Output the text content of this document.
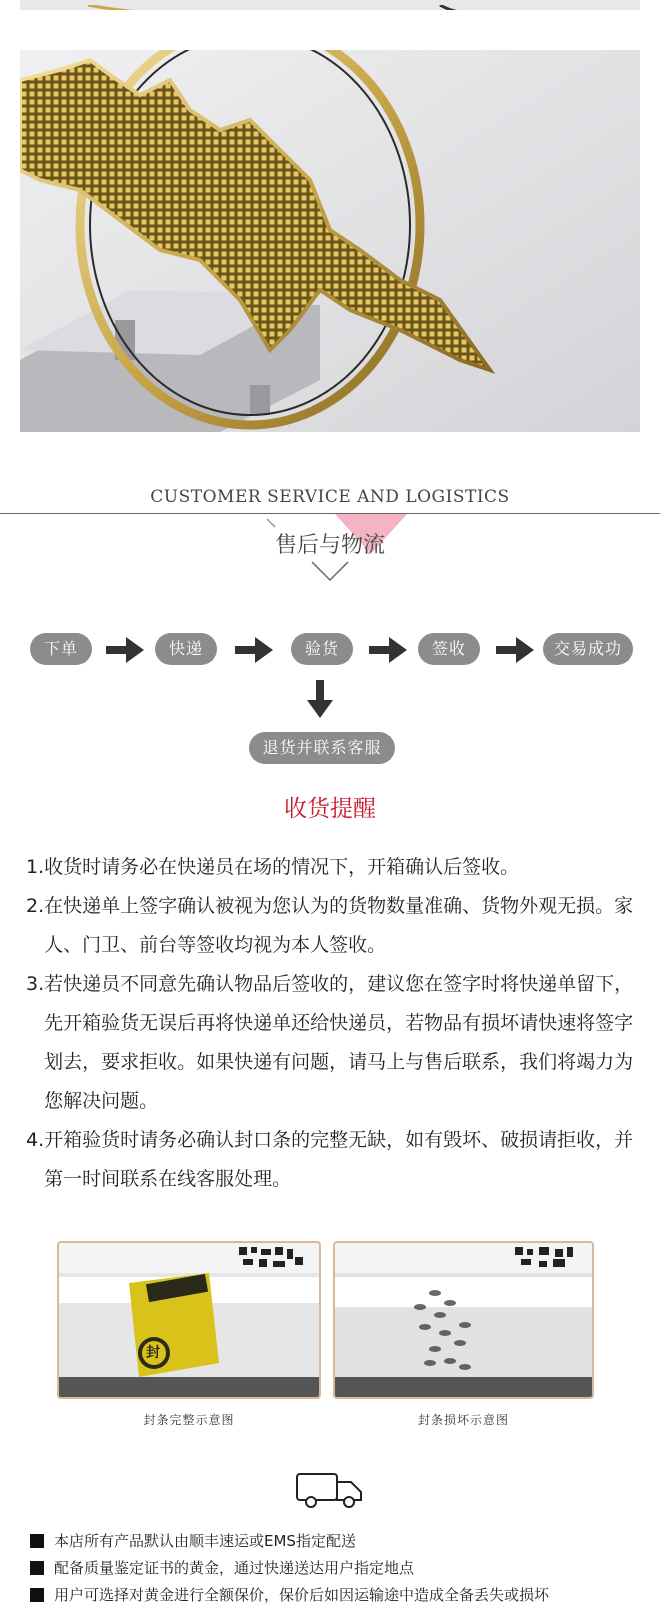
CUSTOMER SERVICE AND LOGISTICS
售后与物流
下单	快递	验货	签收	交易成功
退货并联系客服
收货提醒
1. 收货时请务必在快递员在场的情况下，开箱确认后签收。
2. 在快递单上签字确认被视为您认为的货物数量准确、货物外观无损。家人、门卫、前台等签收均视为本人签收。
3. 若快递员不同意先确认物品后签收的，建议您在签字时将快递单留下，先开箱验货无误后再将快递单还给快递员，若物品有损坏请快速将签字划去，要求拒收。如果快递有问题，请马上与售后联系，我们将竭力为您解决问题。
4. 开箱验货时请务必确认封口条的完整无缺，如有毁坏、破损请拒收，并第一时间联系在线客服处理。
封
封条完整示意图	封条损坏示意图
本店所有产品默认由顺丰速运或EMS指定配送
配备质量鉴定证书的黄金，通过快递送达用户指定地点
用户可选择对黄金进行全额保价，保价后如因运输途中造成全备丢失或损坏
